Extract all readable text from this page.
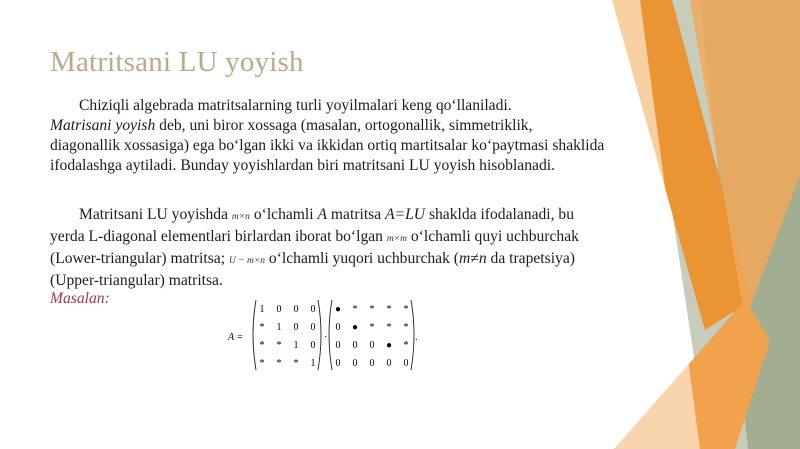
Matritsani LU yoyish
Chiziqli algebrada matritsalarning turli yoyilmalari keng qo‘llaniladi.
Matrisani yoyish deb, uni biror xossaga (masalan, ortogonallik, simmetriklik, diagonallik xossasiga) ega bo‘lgan ikki va ikkidan ortiq martitsalar ko‘paytmasi shaklida ifodalashga aytiladi. Bunday yoyishlardan biri matritsani LU yoyish hisoblanadi.
Matritsani LU yoyishda m×n o‘lchamli A matritsa A=LU shaklda ifodalanadi, bu yerda L-diagonal elementlari birlardan iborat bo‘lgan m×m o‘lchamli quyi uchburchak (Lower-triangular) matritsa; U − m×n o‘lchamli yuqori uchburchak (m≠n da trapetsiya) (Upper-triangular) matritsa.
Masalan:
A =
1 0 0 0
* 1 0 0
* * 1 0
* * * 1
·
● * * * *
0 ● * * *
0 0 0 ● *
0 0 0 0 0
.
